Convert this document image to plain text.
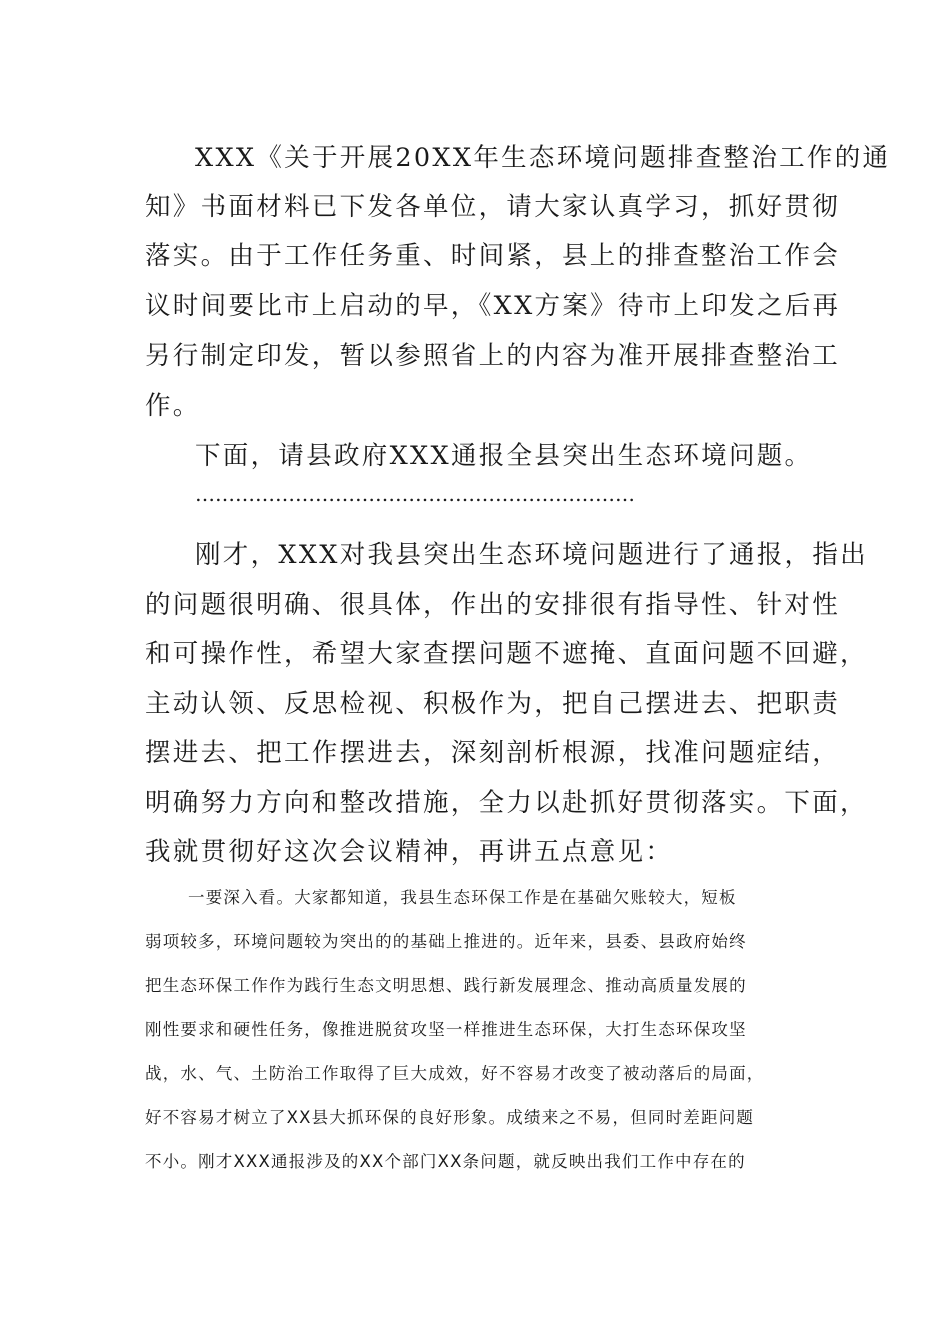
XXX《关于开展20XX年生态环境问题排查整治工作的通
知》书面材料已下发各单位，请大家认真学习，抓好贯彻
落实。由于工作任务重、时间紧，县上的排查整治工作会
议时间要比市上启动的早，《XX方案》待市上印发之后再
另行制定印发，暂以参照省上的内容为准开展排查整治工
作。
下面，请县政府XXX通报全县突出生态环境问题。
…………………………………………………………
刚才，XXX对我县突出生态环境问题进行了通报，指出
的问题很明确、很具体，作出的安排很有指导性、针对性
和可操作性，希望大家查摆问题不遮掩、直面问题不回避，
主动认领、反思检视、积极作为，把自己摆进去、把职责
摆进去、把工作摆进去，深刻剖析根源，找准问题症结，
明确努力方向和整改措施，全力以赴抓好贯彻落实。下面，
我就贯彻好这次会议精神，再讲五点意见：
一要深入看。大家都知道，我县生态环保工作是在基础欠账较大，短板
弱项较多，环境问题较为突出的的基础上推进的。近年来，县委、县政府始终
把生态环保工作作为践行生态文明思想、践行新发展理念、推动高质量发展的
刚性要求和硬性任务，像推进脱贫攻坚一样推进生态环保，大打生态环保攻坚
战，水、气、土防治工作取得了巨大成效，好不容易才改变了被动落后的局面，
好不容易才树立了XX县大抓环保的良好形象。成绩来之不易，但同时差距问题
不小。刚才XXX通报涉及的XX个部门XX条问题，就反映出我们工作中存在的
